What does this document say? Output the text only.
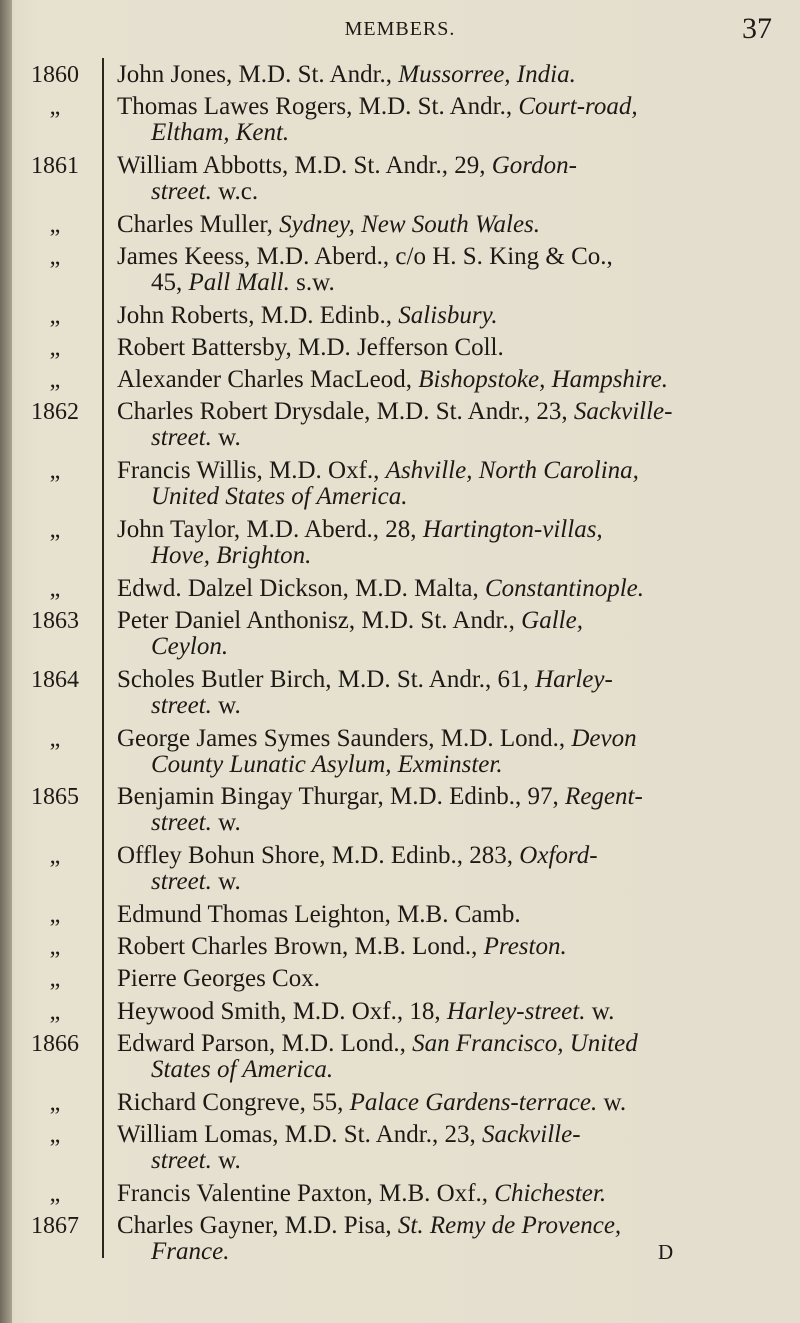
MEMBERS.	37
1860	John Jones, M.D. St. Andr., Mussorree, India.
„	Thomas Lawes Rogers, M.D. St. Andr., Court-road,
Eltham, Kent.
1861	William Abbotts, M.D. St. Andr., 29, Gordon-
street. w.c.
„	Charles Muller, Sydney, New South Wales.
„	James Keess, M.D. Aberd., c/o H. S. King & Co.,
45, Pall Mall. s.w.
„	John Roberts, M.D. Edinb., Salisbury.
„	Robert Battersby, M.D. Jefferson Coll.
„	Alexander Charles MacLeod, Bishopstoke, Hampshire.
1862	Charles Robert Drysdale, M.D. St. Andr., 23, Sackville-
street. w.
„	Francis Willis, M.D. Oxf., Ashville, North Carolina,
United States of America.
„	John Taylor, M.D. Aberd., 28, Hartington-villas,
Hove, Brighton.
„	Edwd. Dalzel Dickson, M.D. Malta, Constantinople.
1863	Peter Daniel Anthonisz, M.D. St. Andr., Galle,
Ceylon.
1864	Scholes Butler Birch, M.D. St. Andr., 61, Harley-
street. w.
„	George James Symes Saunders, M.D. Lond., Devon
County Lunatic Asylum, Exminster.
1865	Benjamin Bingay Thurgar, M.D. Edinb., 97, Regent-
street. w.
„	Offley Bohun Shore, M.D. Edinb., 283, Oxford-
street. w.
„	Edmund Thomas Leighton, M.B. Camb.
„	Robert Charles Brown, M.B. Lond., Preston.
„	Pierre Georges Cox.
„	Heywood Smith, M.D. Oxf., 18, Harley-street. w.
1866	Edward Parson, M.D. Lond., San Francisco, United
States of America.
„	Richard Congreve, 55, Palace Gardens-terrace. w.
„	William Lomas, M.D. St. Andr., 23, Sackville-
street. w.
„	Francis Valentine Paxton, M.B. Oxf., Chichester.
1867	Charles Gayner, M.D. Pisa, St. Remy de Provence,
France.	D
